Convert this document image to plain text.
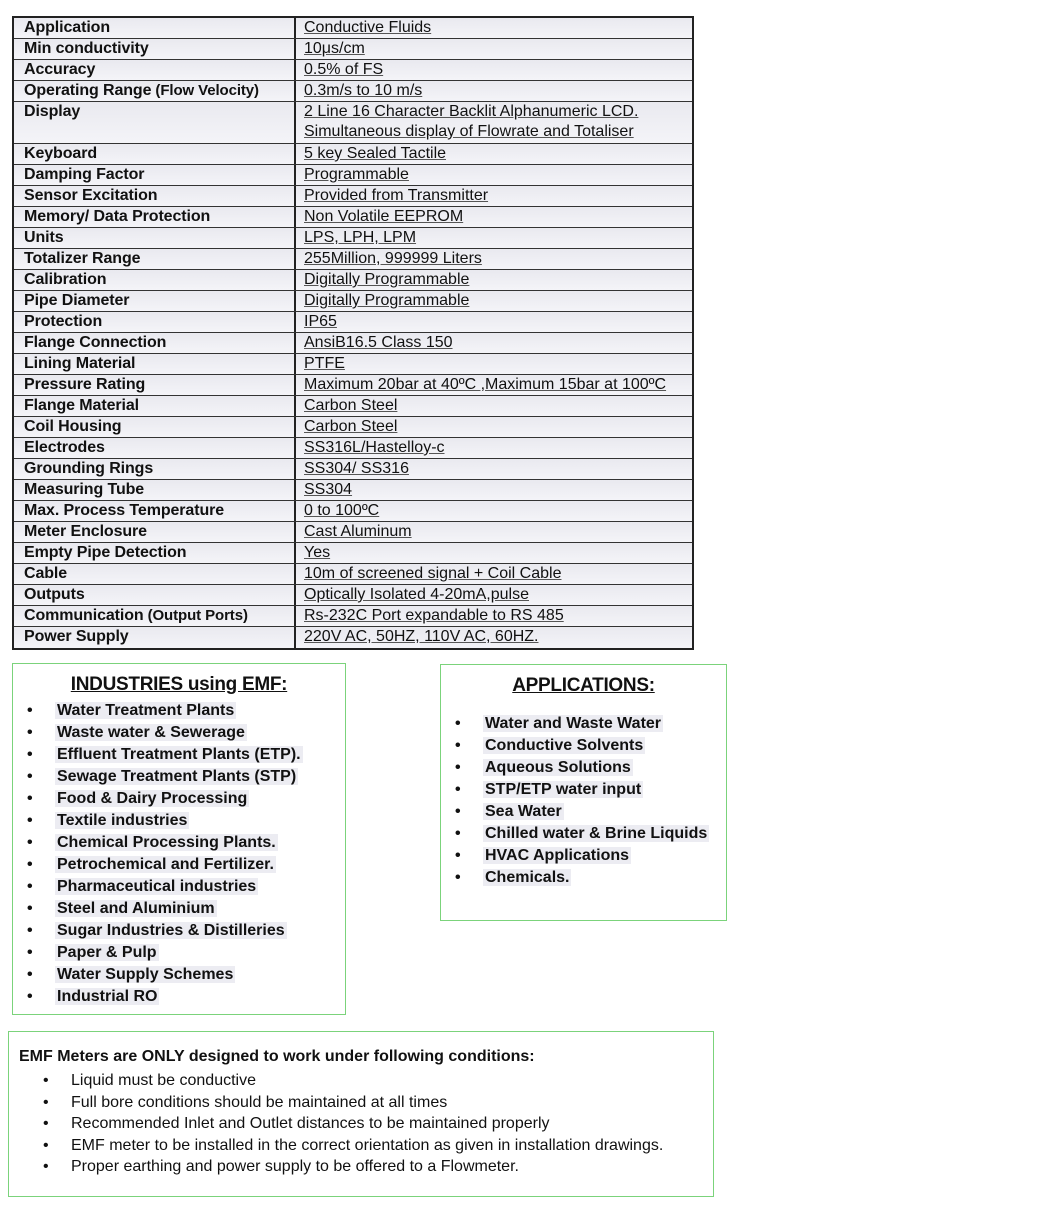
Application	Conductive Fluids
Min conductivity	10μs/cm
Accuracy	0.5% of FS
Operating Range (Flow Velocity)	0.3m/s to 10 m/s
Display	2 Line 16 Character Backlit Alphanumeric LCD.
Simultaneous display of Flowrate and Totaliser
Keyboard	5 key Sealed Tactile
Damping Factor	Programmable
Sensor Excitation	Provided from Transmitter
Memory/ Data Protection	Non Volatile EEPROM
Units	LPS, LPH, LPM
Totalizer Range	255Million, 999999 Liters
Calibration	Digitally Programmable
Pipe Diameter	Digitally Programmable
Protection	IP65
Flange Connection	AnsiB16.5 Class 150
Lining Material	PTFE
Pressure Rating	Maximum 20bar at 40ºC ,Maximum 15bar at 100ºC
Flange Material	Carbon Steel
Coil Housing	Carbon Steel
Electrodes	SS316L/Hastelloy-c
Grounding Rings	SS304/ SS316
Measuring Tube	SS304
Max. Process Temperature	0 to 100ºC
Meter Enclosure	Cast Aluminum
Empty Pipe Detection	Yes
Cable	10m of screened signal + Coil Cable
Outputs	Optically Isolated 4-20mA,pulse
Communication (Output Ports)	Rs-232C Port expandable to RS 485
Power Supply	220V AC, 50HZ, 110V AC, 60HZ.
INDUSTRIES using EMF:
• Water Treatment Plants
• Waste water & Sewerage
• Effluent Treatment Plants (ETP).
• Sewage Treatment Plants (STP)
• Food & Dairy Processing
• Textile industries
• Chemical Processing Plants.
• Petrochemical and Fertilizer.
• Pharmaceutical industries
• Steel and Aluminium
• Sugar Industries & Distilleries
• Paper & Pulp
• Water Supply Schemes
• Industrial RO
APPLICATIONS:
• Water and Waste Water
• Conductive Solvents
• Aqueous Solutions
• STP/ETP water input
• Sea Water
• Chilled water & Brine Liquids
• HVAC Applications
• Chemicals.
EMF Meters are ONLY designed to work under following conditions:
• Liquid must be conductive
• Full bore conditions should be maintained at all times
• Recommended Inlet and Outlet distances to be maintained properly
• EMF meter to be installed in the correct orientation as given in installation drawings.
• Proper earthing and power supply to be offered to a Flowmeter.
